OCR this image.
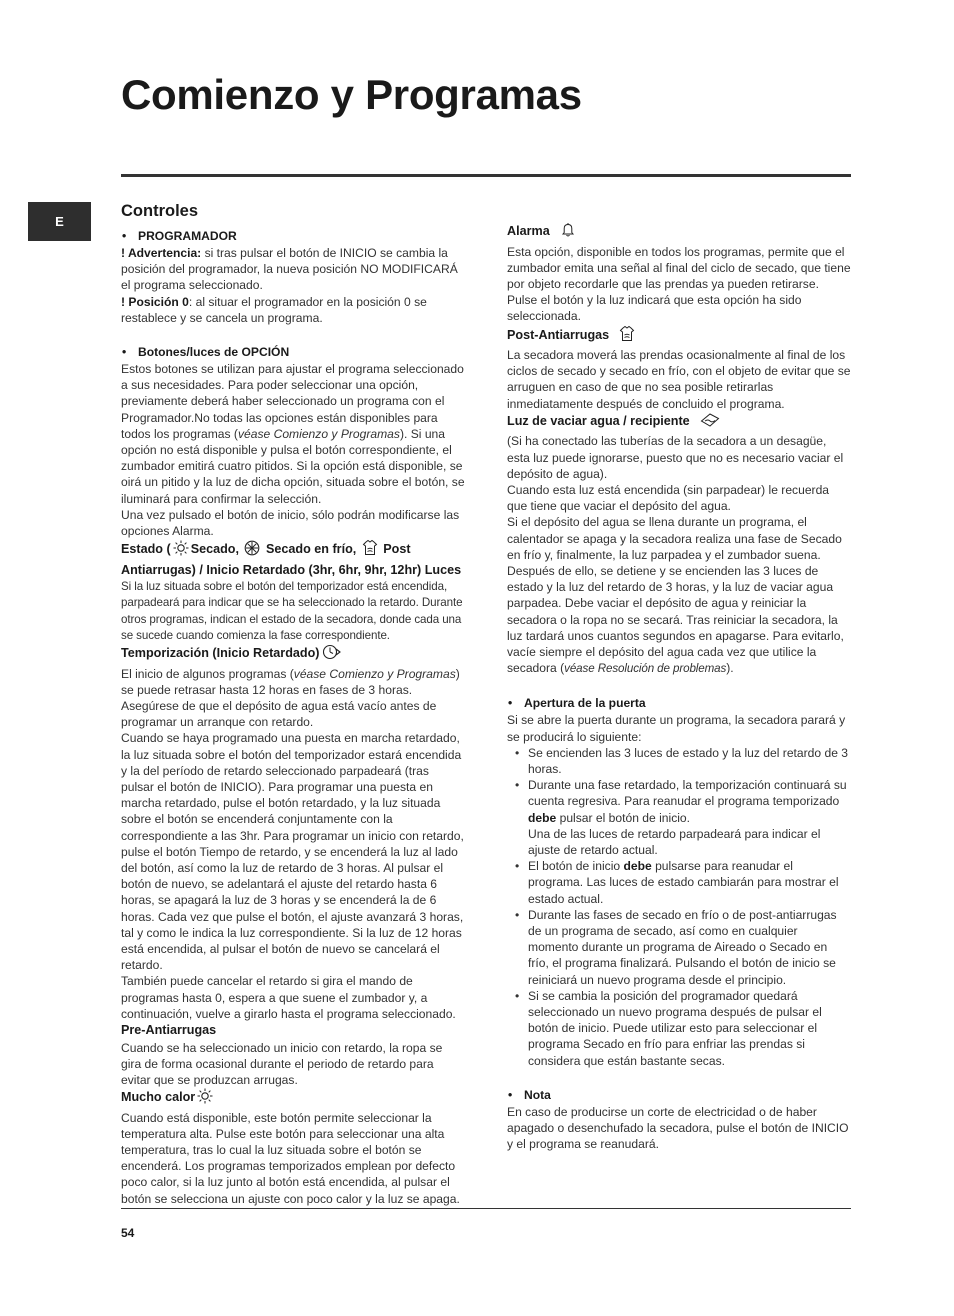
Comienzo y Programas
E
Controles

• PROGRAMADOR

! Advertencia: si tras pulsar el botón de INICIO se cambia la posición del programador, la nueva posición NO MODIFICARÁ el programa seleccionado.

! Posición 0: al situar el programador en la posición 0 se restablece y se cancela un programa.

• Botones/luces de OPCIÓN

Estos botones se utilizan para ajustar el programa seleccionado a sus necesidades. Para poder seleccionar una opción, previamente deberá haber seleccionado un programa con el Programador.No todas las opciones están disponibles para todos los programas (véase Comienzo y Programas). Si una opción no está disponible y pulsa el botón correspondiente, el zumbador emitirá cuatro pitidos. Si la opción está disponible, se oirá un pitido y la luz de dicha opción, situada sobre el botón, se iluminará para confirmar la selección.

Una vez pulsado el botón de inicio, sólo podrán modificarse las opciones Alarma.

Estado ( Secado,  Secado en frío,  Post Antiarrugas) / Inicio Retardado (3hr, 6hr, 9hr, 12hr) Luces

Si la luz situada sobre el botón del temporizador está encendida, parpadeará para indicar que se ha seleccionado la retardo. Durante otros programas, indican el estado de la secadora, donde cada una se sucede cuando comienza la fase correspondiente.

Temporización (Inicio Retardado)

El inicio de algunos programas (véase Comienzo y Programas) se puede retrasar hasta 12 horas en fases de 3 horas. Asegúrese de que el depósito de agua está vacío antes de programar un arranque con retardo.

Cuando se haya programado una puesta en marcha retardado, la luz situada sobre el botón del temporizador estará encendida y la del período de retardo seleccionado parpadeará (tras pulsar el botón de INICIO). Para programar una puesta en marcha retardado, pulse el botón retardado, y la luz situada sobre el botón se encenderá conjuntamente con la correspondiente a las 3hr. Para programar un inicio con retardo, pulse el botón Tiempo de retardo, y se encenderá la luz al lado del botón, así como la luz de retardo de 3 horas. Al pulsar el botón de nuevo, se adelantará el ajuste del retardo hasta 6 horas, se apagará la luz de 3 horas y se encenderá la de 6 horas. Cada vez que pulse el botón, el ajuste avanzará 3 horas, tal y como le indica la luz correspondiente. Si la luz de 12 horas está encendida, al pulsar el botón de nuevo se cancelará el retardo.

También puede cancelar el retardo si gira el mando de programas hasta 0, espera a que suene el zumbador y, a continuación, vuelve a girarlo hasta el programa seleccionado.

Pre-Antiarrugas

Cuando se ha seleccionado un inicio con retardo, la ropa se gira de forma ocasional durante el periodo de retardo para evitar que se produzcan arrugas.

Mucho calor

Cuando está disponible, este botón permite seleccionar la temperatura alta. Pulse este botón para seleccionar una alta temperatura, tras lo cual la luz situada sobre el botón se encenderá. Los programas temporizados emplean por defecto poco calor, si la luz junto al botón está encendida, al pulsar el botón se selecciona un ajuste con poco calor y la luz se apaga.

Alarma

Esta opción, disponible en todos los programas, permite que el zumbador emita una señal al final del ciclo de secado, que tiene por objeto recordarle que las prendas ya pueden retirarse. Pulse el botón y la luz indicará que esta opción ha sido seleccionada.

Post-Antiarrugas

La secadora moverá las prendas ocasionalmente al final de los ciclos de secado y secado en frío, con el objeto de evitar que se arruguen en caso de que no sea posible retirarlas inmediatamente después de concluido el programa.

Luz de vaciar agua / recipiente

(Si ha conectado las tuberías de la secadora a un desagüe, esta luz puede ignorarse, puesto que no es necesario vaciar el depósito de agua).

Cuando esta luz está encendida (sin parpadear) le recuerda que tiene que vaciar el depósito del agua.

Si el depósito del agua se llena durante un programa, el calentador se apaga y la secadora realiza una fase de Secado en frío y, finalmente, la luz parpadea y el zumbador suena. Después de ello, se detiene y se encienden las 3 luces de estado y la luz del retardo de 3 horas, y la luz de vaciar agua parpadea. Debe vaciar el depósito de agua y reiniciar la secadora o la ropa no se secará. Tras reiniciar la secadora, la luz tardará unos cuantos segundos en apagarse. Para evitarlo, vacíe siempre el depósito del agua cada vez que utilice la secadora (véase Resolución de problemas).

• Apertura de la puerta

Si se abre la puerta durante un programa, la secadora parará y se producirá lo siguiente:

• Se encienden las 3 luces de estado y la luz del retardo de 3 horas.
• Durante una fase retardado, la temporización continuará su cuenta regresiva. Para reanudar el programa temporizado debe pulsar el botón de inicio.
Una de las luces de retardo parpadeará para indicar el ajuste de retardo actual.
• El botón de inicio debe pulsarse para reanudar el programa. Las luces de estado cambiarán para mostrar el estado actual.
• Durante las fases de secado en frío o de post-antiarrugas de un programa de secado, así como en cualquier momento durante un programa de Aireado o Secado en frío, el programa finalizará. Pulsando el botón de inicio se reiniciará un nuevo programa desde el principio.
• Si se cambia la posición del programador quedará seleccionado un nuevo programa después de pulsar el botón de inicio. Puede utilizar esto para seleccionar el programa Secado en frío para enfriar las prendas si considera que están bastante secas.

• Nota

En caso de producirse un corte de electricidad o de haber apagado o desenchufado la secadora, pulse el botón de INICIO y el programa se reanudará.

54
